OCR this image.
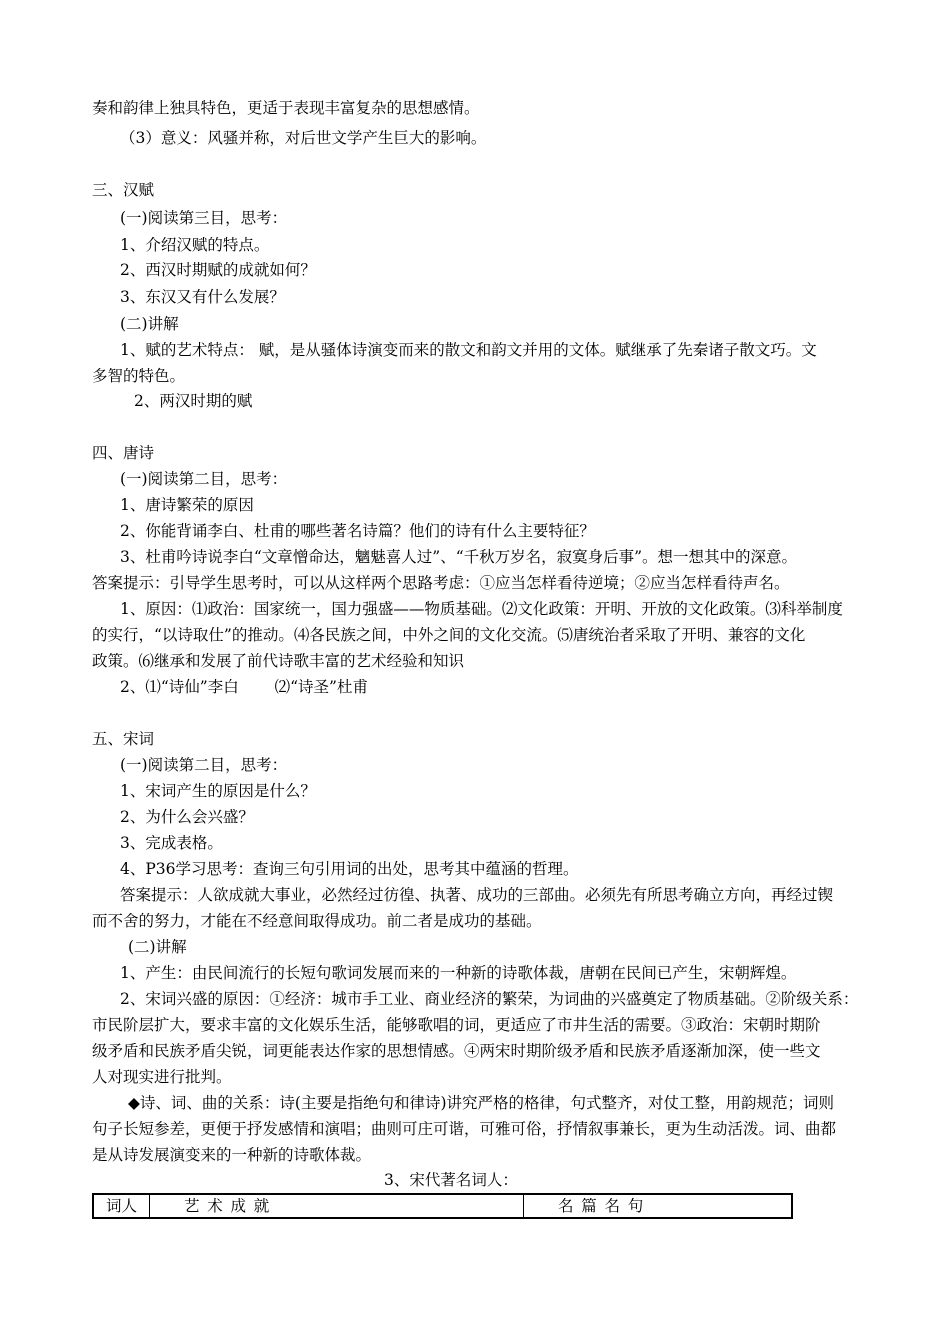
奏和韵律上独具特色，更适于表现丰富复杂的思想感情。
（3）意义：风骚并称，对后世文学产生巨大的影响。
三、汉赋
(一)阅读第三目，思考：
1、介绍汉赋的特点。
2、西汉时期赋的成就如何？
3、东汉又有什么发展？
(二)讲解
1、赋的艺术特点： 赋，是从骚体诗演变而来的散文和韵文并用的文体。赋继承了先秦诸子散文巧。文
多智的特色。
2、两汉时期的赋
四、唐诗
(一)阅读第二目，思考：
1、唐诗繁荣的原因
2、你能背诵李白、杜甫的哪些著名诗篇？他们的诗有什么主要特征？
3、杜甫吟诗说李白“文章憎命达，魑魅喜人过”、“千秋万岁名，寂寞身后事”。想一想其中的深意。
答案提示：引导学生思考时，可以从这样两个思路考虑：①应当怎样看待逆境；②应当怎样看待声名。
1、原因：⑴政治：国家统一，国力强盛——物质基础。⑵文化政策：开明、开放的文化政策。⑶科举制度
的实行，“以诗取仕”的推动。⑷各民族之间，中外之间的文化交流。⑸唐统治者采取了开明、兼容的文化
政策。⑹继承和发展了前代诗歌丰富的艺术经验和知识
2、⑴“诗仙”李白　　 ⑵“诗圣”杜甫
五、宋词
(一)阅读第二目，思考：
1、宋词产生的原因是什么？
2、为什么会兴盛？
3、完成表格。
4、P36学习思考：查询三句引用词的出处，思考其中蕴涵的哲理。
答案提示：人欲成就大事业，必然经过彷徨、执著、成功的三部曲。必须先有所思考确立方向，再经过锲
而不舍的努力，才能在不经意间取得成功。前二者是成功的基础。
(二)讲解
1、产生：由民间流行的长短句歌词发展而来的一种新的诗歌体裁，唐朝在民间已产生，宋朝辉煌。
2、宋词兴盛的原因：①经济：城市手工业、商业经济的繁荣，为词曲的兴盛奠定了物质基础。②阶级关系：
市民阶层扩大，要求丰富的文化娱乐生活，能够歌唱的词，更适应了市井生活的需要。③政治：宋朝时期阶
级矛盾和民族矛盾尖锐，词更能表达作家的思想情感。④两宋时期阶级矛盾和民族矛盾逐渐加深，使一些文
人对现实进行批判。
◆诗、词、曲的关系：诗(主要是指绝句和律诗)讲究严格的格律，句式整齐，对仗工整，用韵规范；词则
句子长短参差，更便于抒发感情和演唱；曲则可庄可谐，可雅可俗，抒情叙事兼长，更为生动活泼。词、曲都
是从诗发展演变来的一种新的诗歌体裁。
3、宋代著名词人：
词人	艺术成就	名篇名句
